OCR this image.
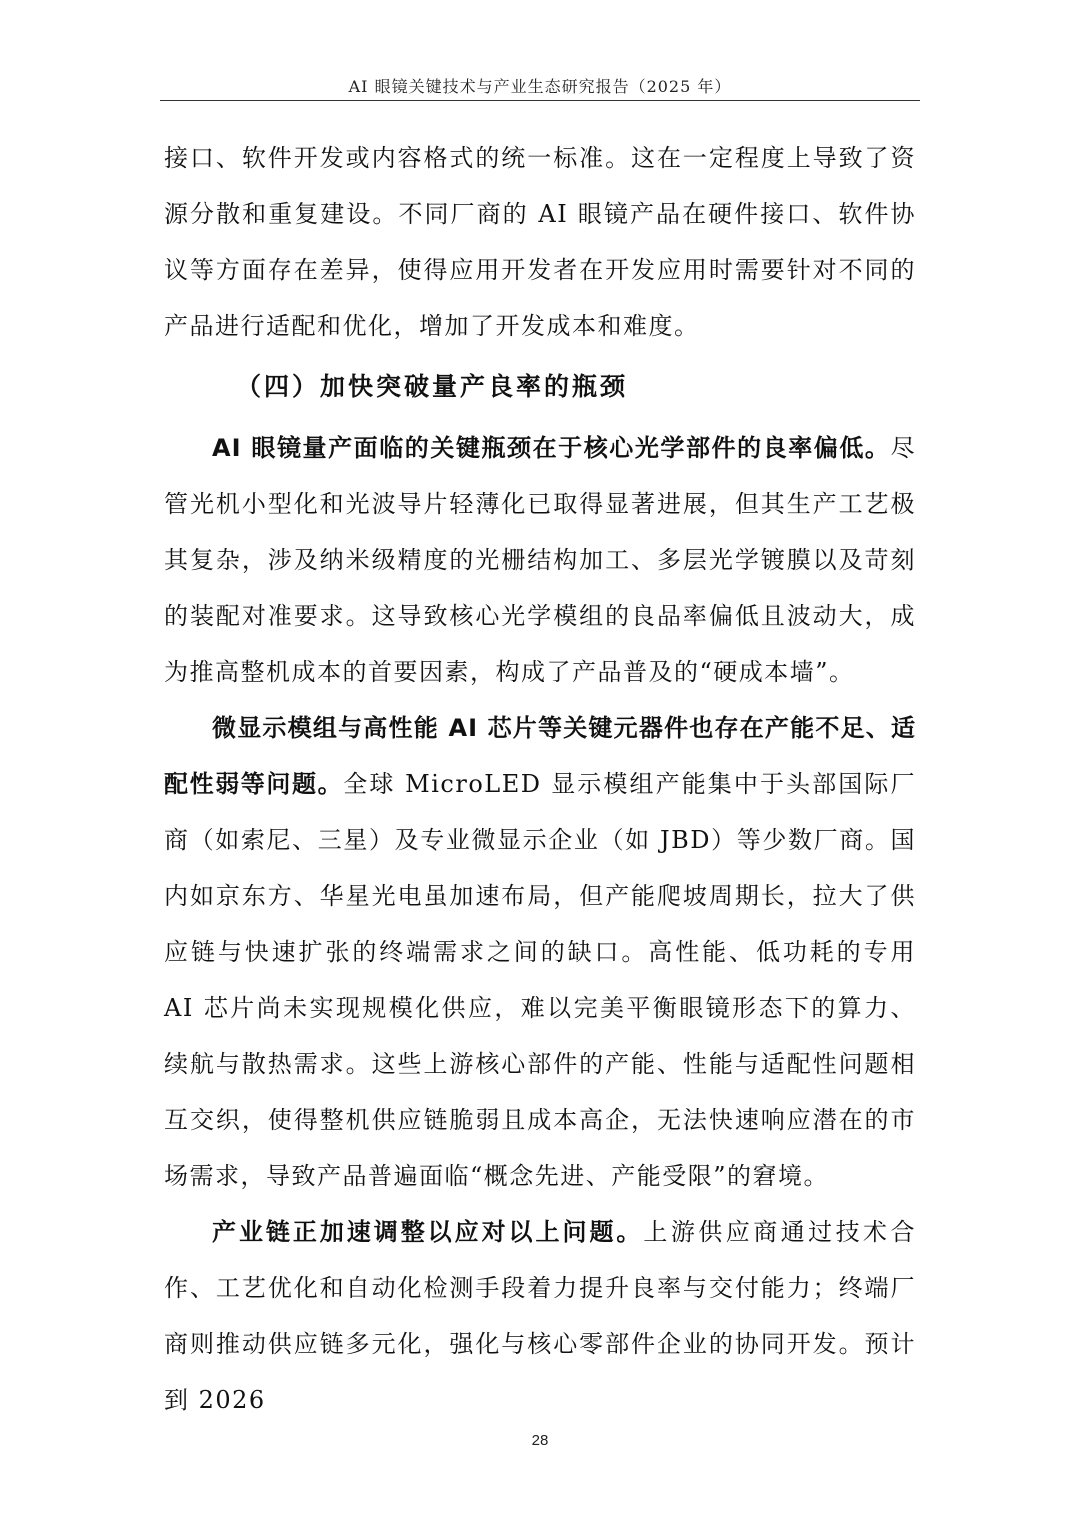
AI 眼镜关键技术与产业生态研究报告（2025 年）

接口、软件开发或内容格式的统一标准。这在一定程度上导致了资源分散和重复建设。不同厂商的 AI 眼镜产品在硬件接口、软件协议等方面存在差异，使得应用开发者在开发应用时需要针对不同的产品进行适配和优化，增加了开发成本和难度。

（四）加快突破量产良率的瓶颈

AI 眼镜量产面临的关键瓶颈在于核心光学部件的良率偏低。尽管光机小型化和光波导片轻薄化已取得显著进展，但其生产工艺极其复杂，涉及纳米级精度的光栅结构加工、多层光学镀膜以及苛刻的装配对准要求。这导致核心光学模组的良品率偏低且波动大，成为推高整机成本的首要因素，构成了产品普及的“硬成本墙”。

微显示模组与高性能 AI 芯片等关键元器件也存在产能不足、适配性弱等问题。全球 MicroLED 显示模组产能集中于头部国际厂商（如索尼、三星）及专业微显示企业（如 JBD）等少数厂商。国内如京东方、华星光电虽加速布局，但产能爬坡周期长，拉大了供应链与快速扩张的终端需求之间的缺口。高性能、低功耗的专用 AI 芯片尚未实现规模化供应，难以完美平衡眼镜形态下的算力、续航与散热需求。这些上游核心部件的产能、性能与适配性问题相互交织，使得整机供应链脆弱且成本高企，无法快速响应潜在的市场需求，导致产品普遍面临“概念先进、产能受限”的窘境。

产业链正加速调整以应对以上问题。上游供应商通过技术合作、工艺优化和自动化检测手段着力提升良率与交付能力；终端厂商则推动供应链多元化，强化与核心零部件企业的协同开发。预计到 2026

28
